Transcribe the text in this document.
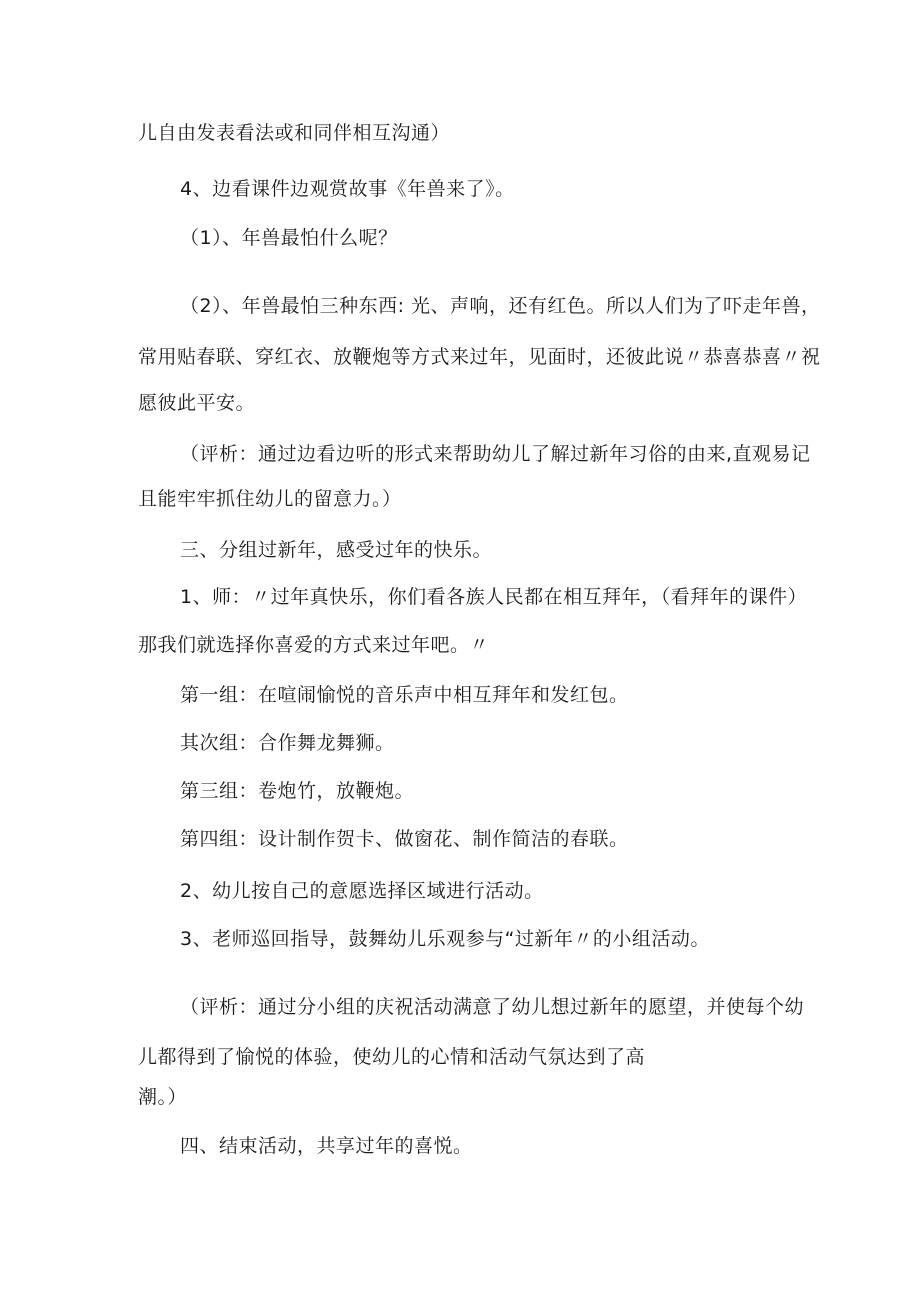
儿自由发表看法或和同伴相互沟通）
4、边看课件边观赏故事《年兽来了》。
（1）、年兽最怕什么呢？
（2）、年兽最怕三种东西: 光、声响，还有红色。所以人们为了吓走年兽，
常用贴春联、穿红衣、放鞭炮等方式来过年，见面时，还彼此说〃恭喜恭喜〃祝
愿彼此平安。
（评析：通过边看边听的形式来帮助幼儿了解过新年习俗的由来,直观易记
且能牢牢抓住幼儿的留意力。）
三、分组过新年，感受过年的快乐。
1、师：〃过年真快乐，你们看各族人民都在相互拜年，（看拜年的课件）
那我们就选择你喜爱的方式来过年吧。〃
第一组：在喧闹愉悦的音乐声中相互拜年和发红包。
其次组：合作舞龙舞狮。
第三组：卷炮竹，放鞭炮。
第四组：设计制作贺卡、做窗花、制作简洁的春联。
2、幼儿按自己的意愿选择区域进行活动。
3、老师巡回指导，鼓舞幼儿乐观参与“过新年〃的小组活动。
（评析：通过分小组的庆祝活动满意了幼儿想过新年的愿望，并使每个幼
儿都得到了愉悦的体验，使幼儿的心情和活动气氛达到了高
潮。）
四、结束活动，共享过年的喜悦。
